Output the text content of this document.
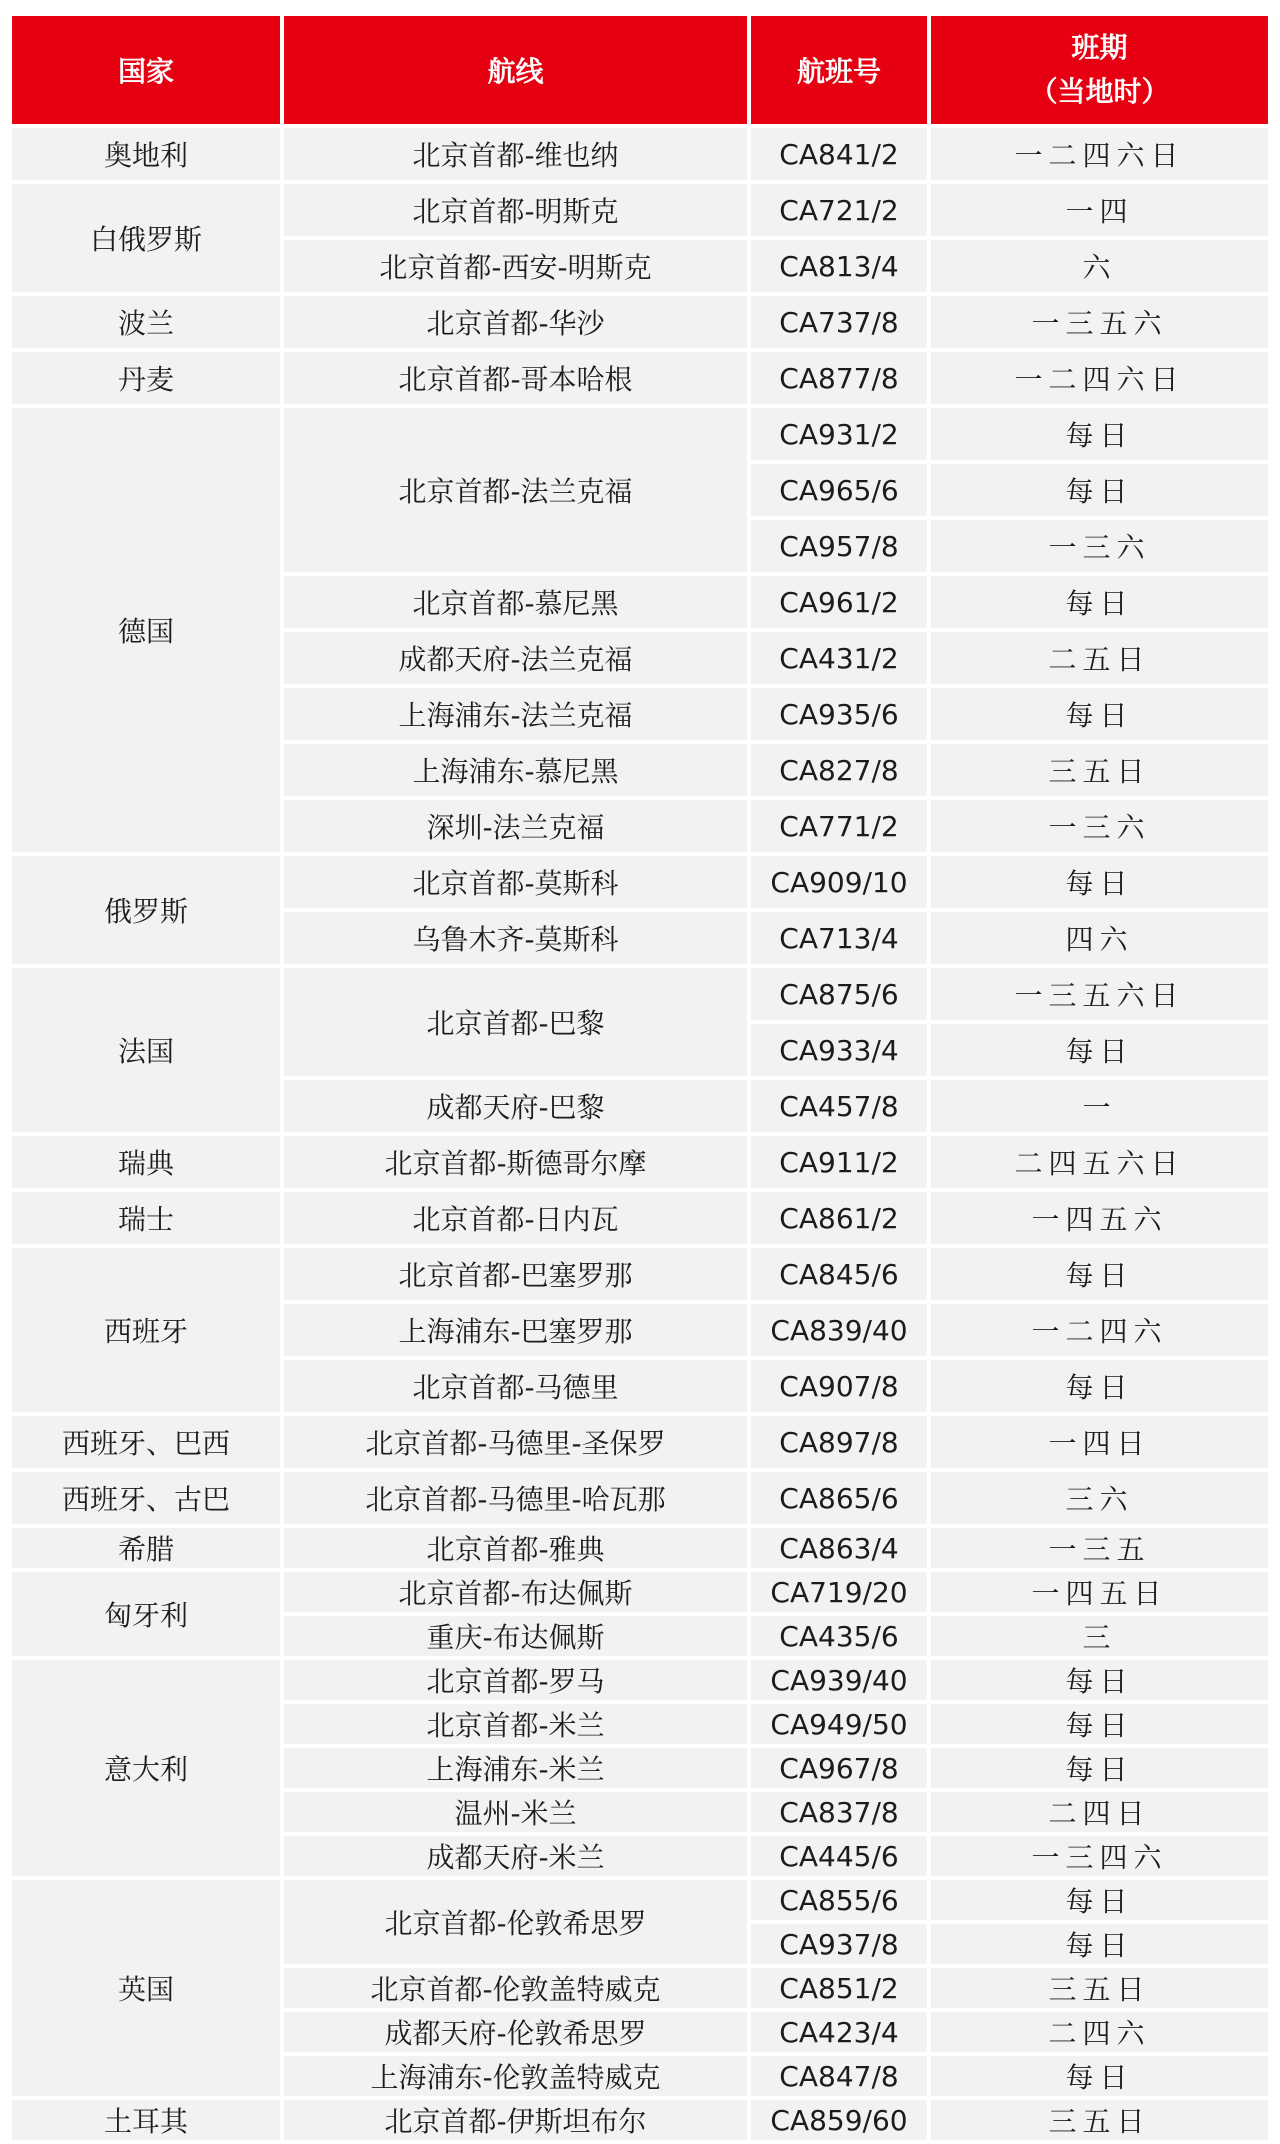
国家	航线	航班号	班期
（当地时）

奥地利	北京首都-维也纳	CA841/2	一二四六日
白俄罗斯	北京首都-明斯克	CA721/2	一四
	北京首都-西安-明斯克	CA813/4	六
波兰	北京首都-华沙	CA737/8	一三五六
丹麦	北京首都-哥本哈根	CA877/8	一二四六日
德国	北京首都-法兰克福	CA931/2	每日
		CA965/6	每日
		CA957/8	一三六
	北京首都-慕尼黑	CA961/2	每日
	成都天府-法兰克福	CA431/2	二五日
	上海浦东-法兰克福	CA935/6	每日
	上海浦东-慕尼黑	CA827/8	三五日
	深圳-法兰克福	CA771/2	一三六
俄罗斯	北京首都-莫斯科	CA909/10	每日
	乌鲁木齐-莫斯科	CA713/4	四六
法国	北京首都-巴黎	CA875/6	一三五六日
		CA933/4	每日
	成都天府-巴黎	CA457/8	一
瑞典	北京首都-斯德哥尔摩	CA911/2	二四五六日
瑞士	北京首都-日内瓦	CA861/2	一四五六
西班牙	北京首都-巴塞罗那	CA845/6	每日
	上海浦东-巴塞罗那	CA839/40	一二四六
	北京首都-马德里	CA907/8	每日
西班牙、巴西	北京首都-马德里-圣保罗	CA897/8	一四日
西班牙、古巴	北京首都-马德里-哈瓦那	CA865/6	三六
希腊	北京首都-雅典	CA863/4	一三五
匈牙利	北京首都-布达佩斯	CA719/20	一四五日
	重庆-布达佩斯	CA435/6	三
意大利	北京首都-罗马	CA939/40	每日
	北京首都-米兰	CA949/50	每日
	上海浦东-米兰	CA967/8	每日
	温州-米兰	CA837/8	二四日
	成都天府-米兰	CA445/6	一三四六
英国	北京首都-伦敦希思罗	CA855/6	每日
		CA937/8	每日
	北京首都-伦敦盖特威克	CA851/2	三五日
	成都天府-伦敦希思罗	CA423/4	二四六
	上海浦东-伦敦盖特威克	CA847/8	每日
土耳其	北京首都-伊斯坦布尔	CA859/60	三五日
